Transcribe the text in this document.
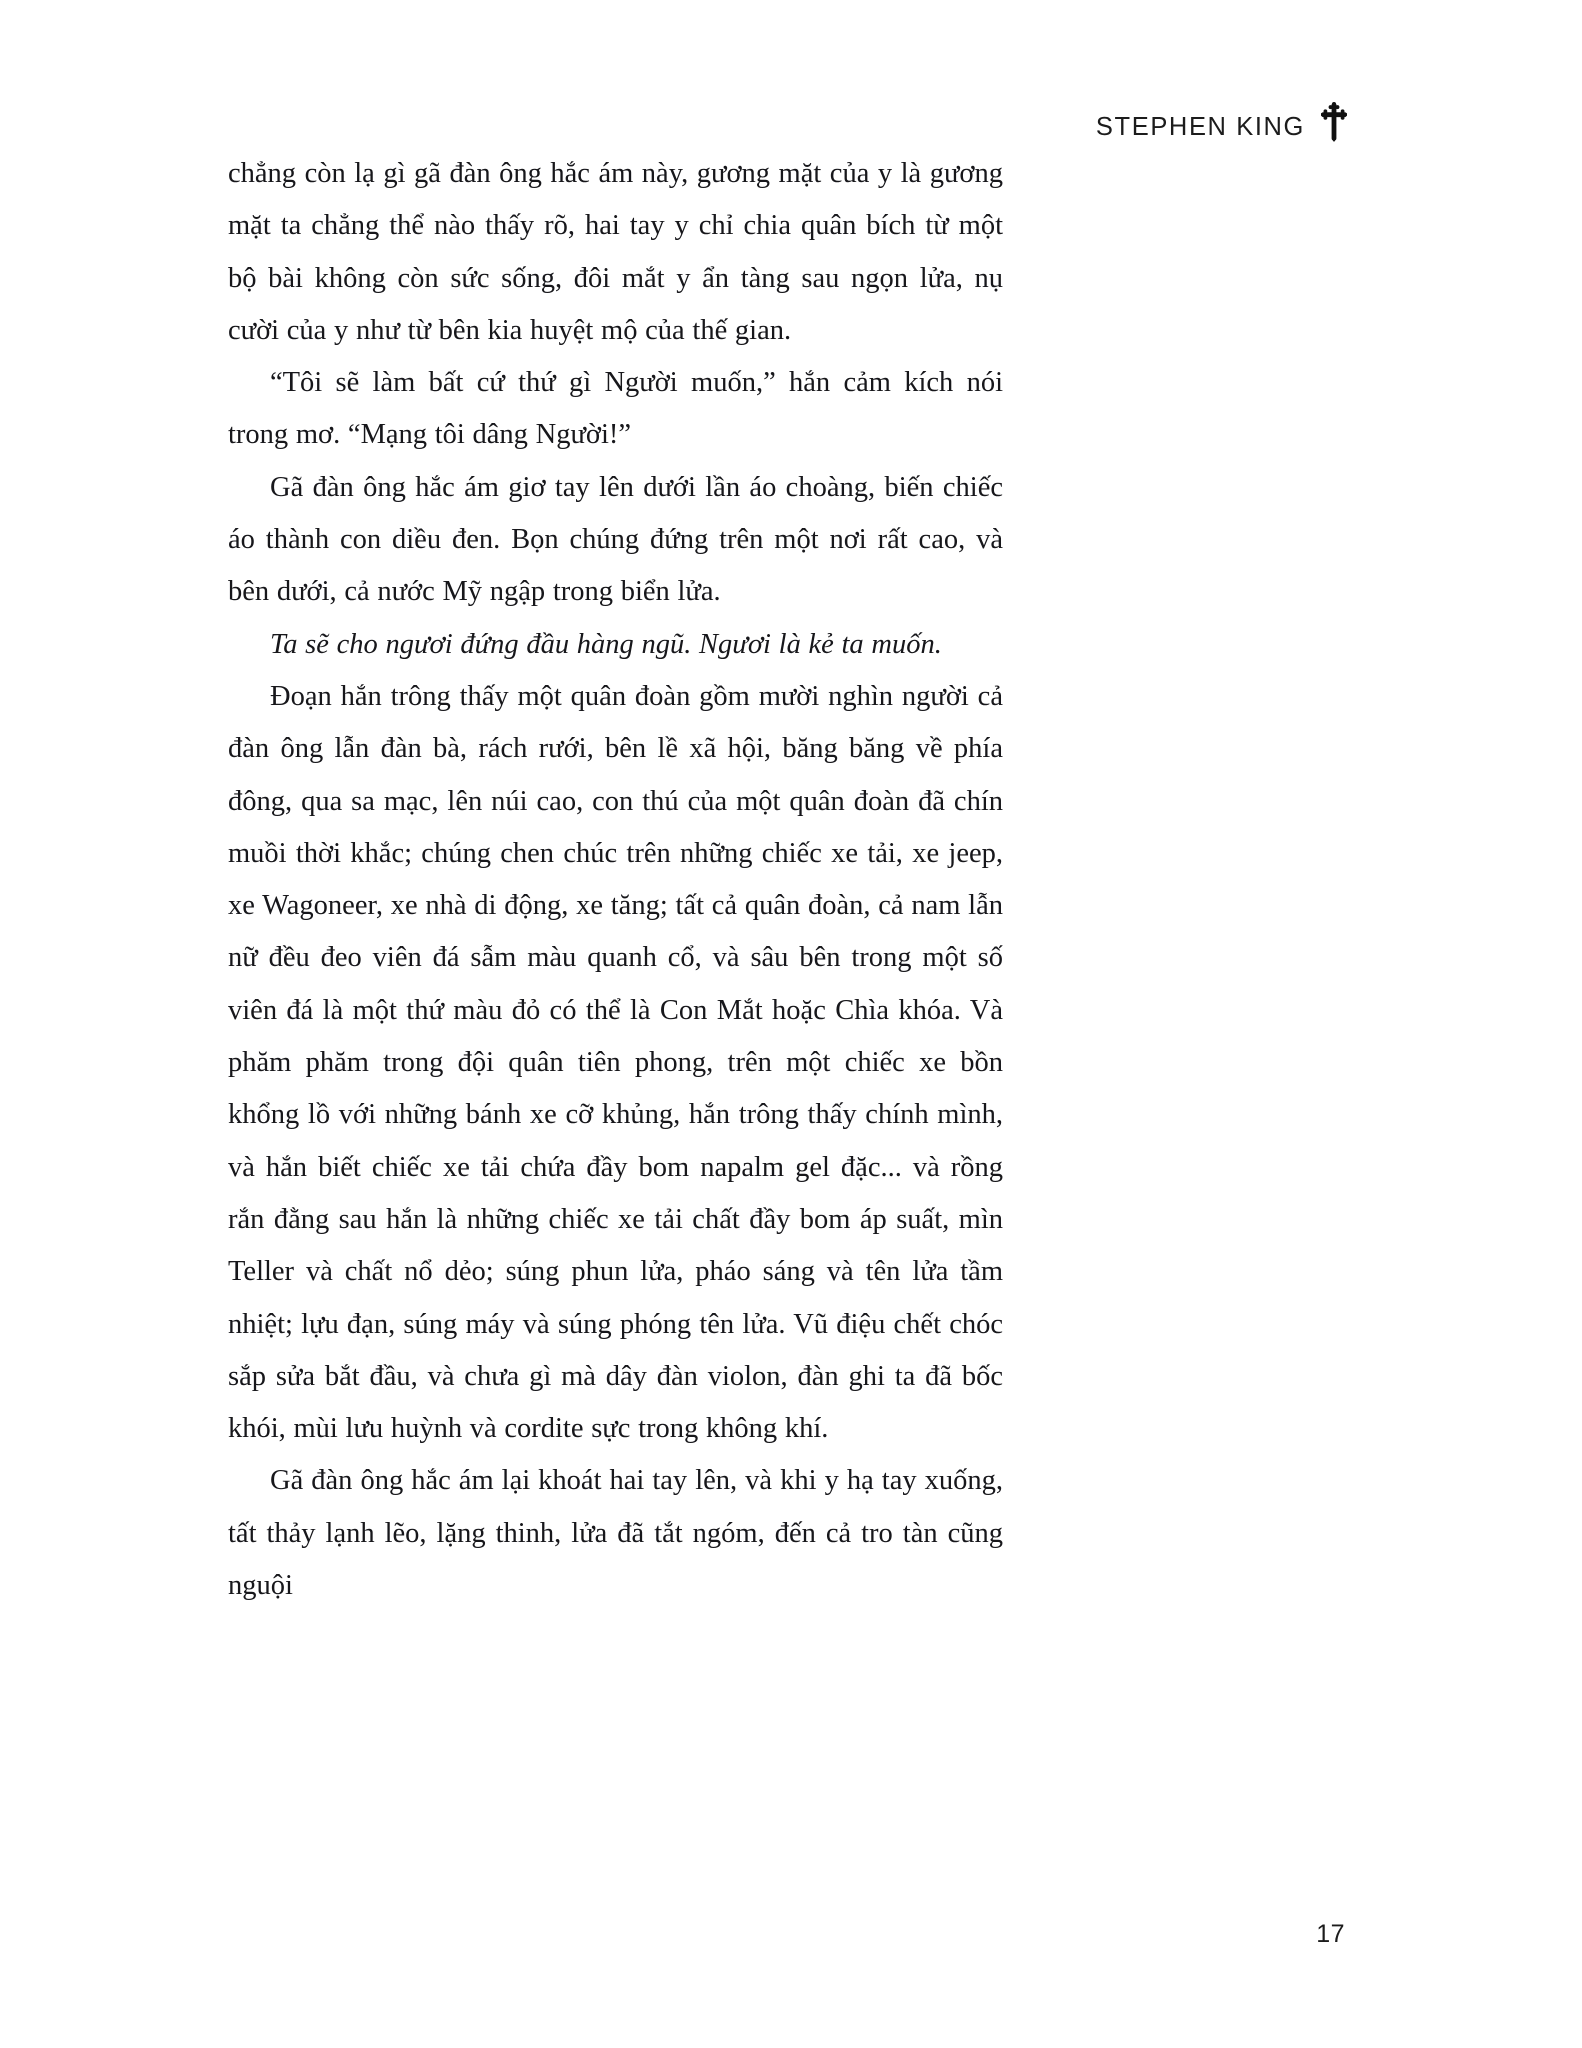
STEPHEN KING

chẳng còn lạ gì gã đàn ông hắc ám này, gương mặt của y là gương mặt ta chẳng thể nào thấy rõ, hai tay y chỉ chia quân bích từ một bộ bài không còn sức sống, đôi mắt y ẩn tàng sau ngọn lửa, nụ cười của y như từ bên kia huyệt mộ của thế gian.

“Tôi sẽ làm bất cứ thứ gì Người muốn,” hắn cảm kích nói trong mơ. “Mạng tôi dâng Người!”

Gã đàn ông hắc ám giơ tay lên dưới lần áo choàng, biến chiếc áo thành con diều đen. Bọn chúng đứng trên một nơi rất cao, và bên dưới, cả nước Mỹ ngập trong biển lửa.

Ta sẽ cho ngươi đứng đầu hàng ngũ. Ngươi là kẻ ta muốn.

Đoạn hắn trông thấy một quân đoàn gồm mười nghìn người cả đàn ông lẫn đàn bà, rách rưới, bên lề xã hội, băng băng về phía đông, qua sa mạc, lên núi cao, con thú của một quân đoàn đã chín muồi thời khắc; chúng chen chúc trên những chiếc xe tải, xe jeep, xe Wagoneer, xe nhà di động, xe tăng; tất cả quân đoàn, cả nam lẫn nữ đều đeo viên đá sẫm màu quanh cổ, và sâu bên trong một số viên đá là một thứ màu đỏ có thể là Con Mắt hoặc Chìa khóa. Và phăm phăm trong đội quân tiên phong, trên một chiếc xe bồn khổng lồ với những bánh xe cỡ khủng, hắn trông thấy chính mình, và hắn biết chiếc xe tải chứa đầy bom napalm gel đặc... và rồng rắn đằng sau hắn là những chiếc xe tải chất đầy bom áp suất, mìn Teller và chất nổ dẻo; súng phun lửa, pháo sáng và tên lửa tầm nhiệt; lựu đạn, súng máy và súng phóng tên lửa. Vũ điệu chết chóc sắp sửa bắt đầu, và chưa gì mà dây đàn violon, đàn ghi ta đã bốc khói, mùi lưu huỳnh và cordite sực trong không khí.

Gã đàn ông hắc ám lại khoát hai tay lên, và khi y hạ tay xuống, tất thảy lạnh lẽo, lặng thinh, lửa đã tắt ngóm, đến cả tro tàn cũng nguội

17
